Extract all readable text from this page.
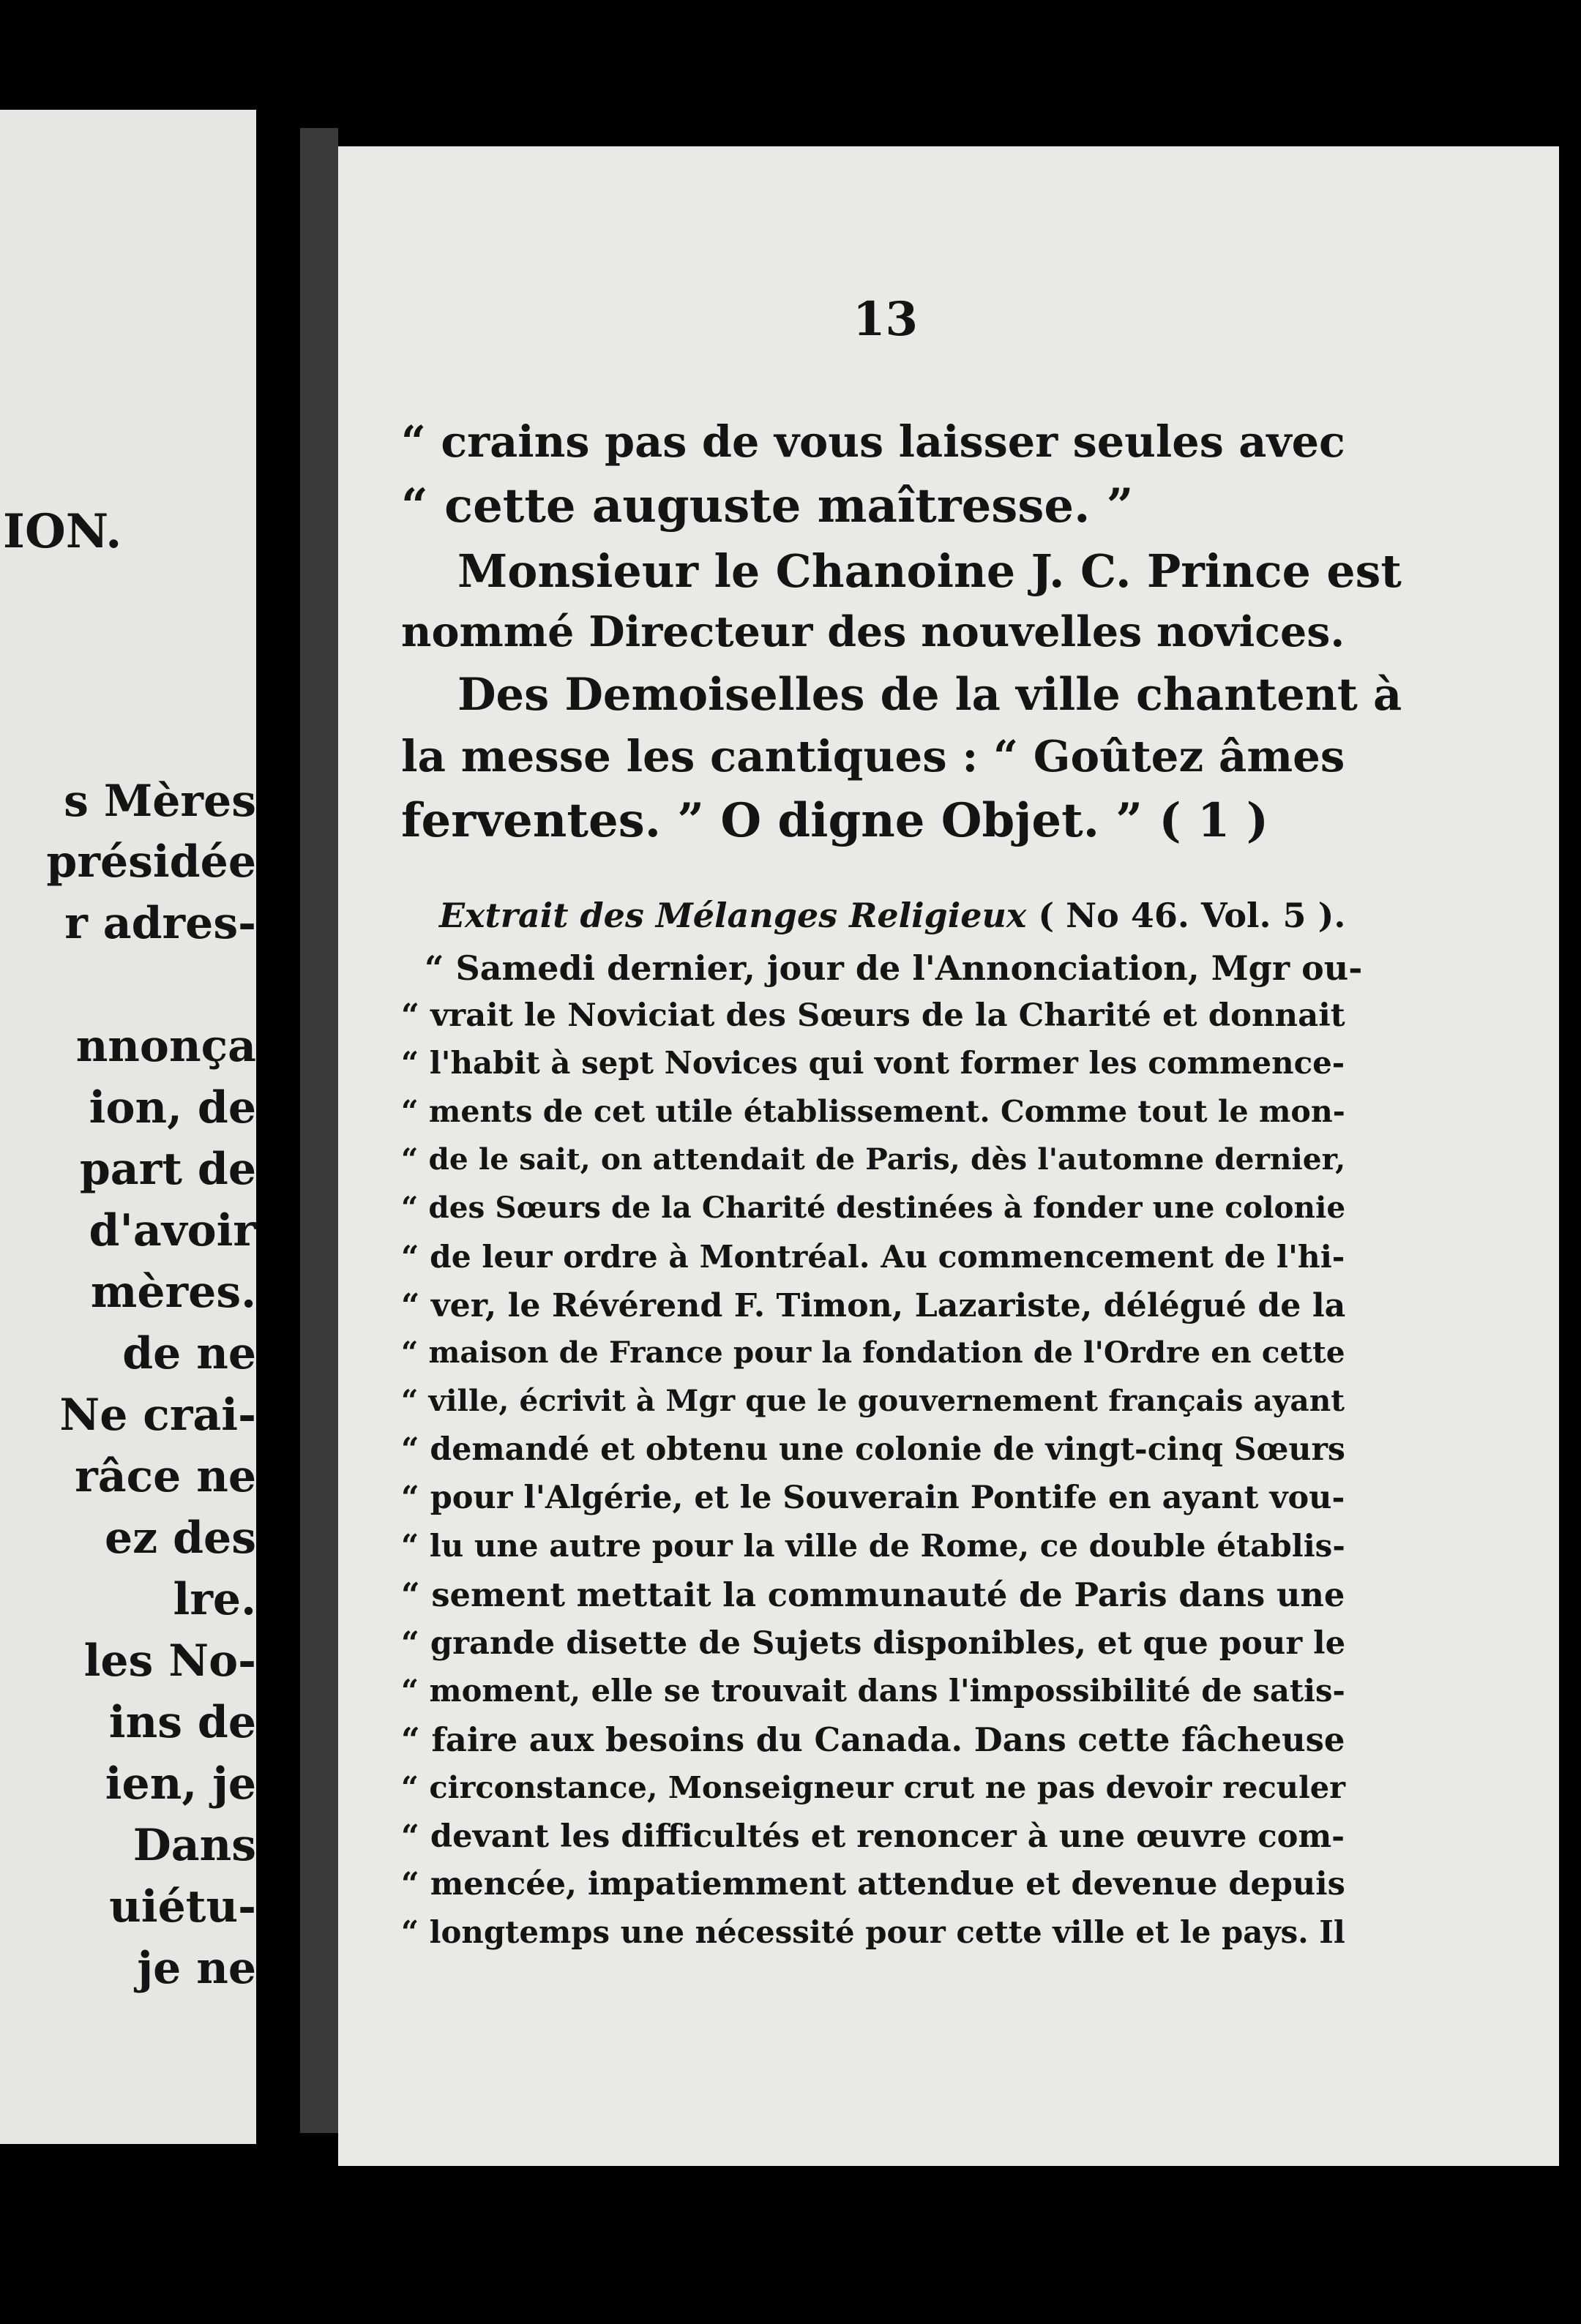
ION.
s Mères
présidée
r adres-
nnonça
ion, de
part de
d'avoir
mères.
de ne
Ne crai-
râce ne
ez des
lre.
les No-
ins de
ien, je
Dans
uiétu-
je ne
13
“ crains pas de vous laisser seules avec
“ cette auguste maîtresse. ”
Monsieur le Chanoine J. C. Prince est
nommé Directeur des nouvelles novices.
Des Demoiselles de la ville chantent à
la messe les cantiques : “ Goûtez âmes
ferventes. ” O digne Objet. ” ( 1 )
Extrait des Mélanges Religieux ( No 46. Vol. 5 ).
“ Samedi dernier, jour de l'Annonciation, Mgr ou-
“ vrait le Noviciat des Sœurs de la Charité et donnait
“ l'habit à sept Novices qui vont former les commence-
“ ments de cet utile établissement. Comme tout le mon-
“ de le sait, on attendait de Paris, dès l'automne dernier,
“ des Sœurs de la Charité destinées à fonder une colonie
“ de leur ordre à Montréal. Au commencement de l'hi-
“ ver, le Révérend F. Timon, Lazariste, délégué de la
“ maison de France pour la fondation de l'Ordre en cette
“ ville, écrivit à Mgr que le gouvernement français ayant
“ demandé et obtenu une colonie de vingt-cinq Sœurs
“ pour l'Algérie, et le Souverain Pontife en ayant vou-
“ lu une autre pour la ville de Rome, ce double établis-
“ sement mettait la communauté de Paris dans une
“ grande disette de Sujets disponibles, et que pour le
“ moment, elle se trouvait dans l'impossibilité de satis-
“ faire aux besoins du Canada. Dans cette fâcheuse
“ circonstance, Monseigneur crut ne pas devoir reculer
“ devant les difficultés et renoncer à une œuvre com-
“ mencée, impatiemment attendue et devenue depuis
“ longtemps une nécessité pour cette ville et le pays. Il
